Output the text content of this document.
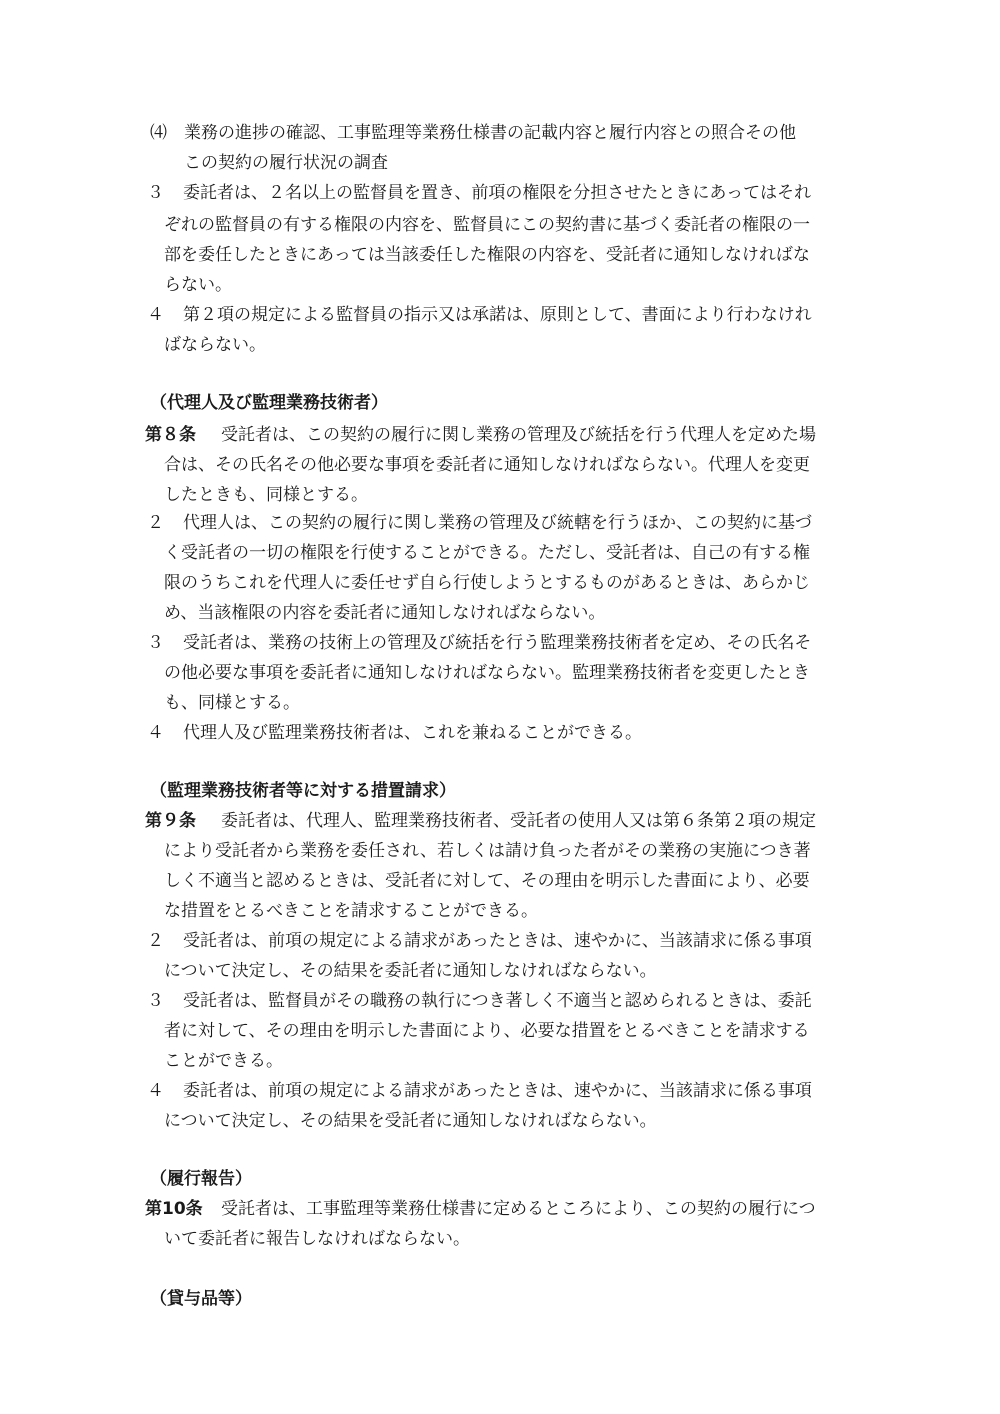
⑷ 業務の進捗の確認、工事監理等業務仕様書の記載内容と履行内容との照合その他
この契約の履行状況の調査
３ 委託者は、２名以上の監督員を置き、前項の権限を分担させたときにあってはそれ
ぞれの監督員の有する権限の内容を、監督員にこの契約書に基づく委託者の権限の一
部を委任したときにあっては当該委任した権限の内容を、受託者に通知しなければな
らない。
４ 第２項の規定による監督員の指示又は承諾は、原則として、書面により行わなけれ
ばならない。
（代理人及び監理業務技術者）
第８条 受託者は、この契約の履行に関し業務の管理及び統括を行う代理人を定めた場
合は、その氏名その他必要な事項を委託者に通知しなければならない。代理人を変更
したときも、同様とする。
２ 代理人は、この契約の履行に関し業務の管理及び統轄を行うほか、この契約に基づ
く受託者の一切の権限を行使することができる。ただし、受託者は、自己の有する権
限のうちこれを代理人に委任せず自ら行使しようとするものがあるときは、あらかじ
め、当該権限の内容を委託者に通知しなければならない。
３ 受託者は、業務の技術上の管理及び統括を行う監理業務技術者を定め、その氏名そ
の他必要な事項を委託者に通知しなければならない。監理業務技術者を変更したとき
も、同様とする。
４ 代理人及び監理業務技術者は、これを兼ねることができる。
（監理業務技術者等に対する措置請求）
第９条 委託者は、代理人、監理業務技術者、受託者の使用人又は第６条第２項の規定
により受託者から業務を委任され、若しくは請け負った者がその業務の実施につき著
しく不適当と認めるときは、受託者に対して、その理由を明示した書面により、必要
な措置をとるべきことを請求することができる。
２ 受託者は、前項の規定による請求があったときは、速やかに、当該請求に係る事項
について決定し、その結果を委託者に通知しなければならない。
３ 受託者は、監督員がその職務の執行につき著しく不適当と認められるときは、委託
者に対して、その理由を明示した書面により、必要な措置をとるべきことを請求する
ことができる。
４ 委託者は、前項の規定による請求があったときは、速やかに、当該請求に係る事項
について決定し、その結果を受託者に通知しなければならない。
（履行報告）
第10条 受託者は、工事監理等業務仕様書に定めるところにより、この契約の履行につ
いて委託者に報告しなければならない。
（貸与品等）
